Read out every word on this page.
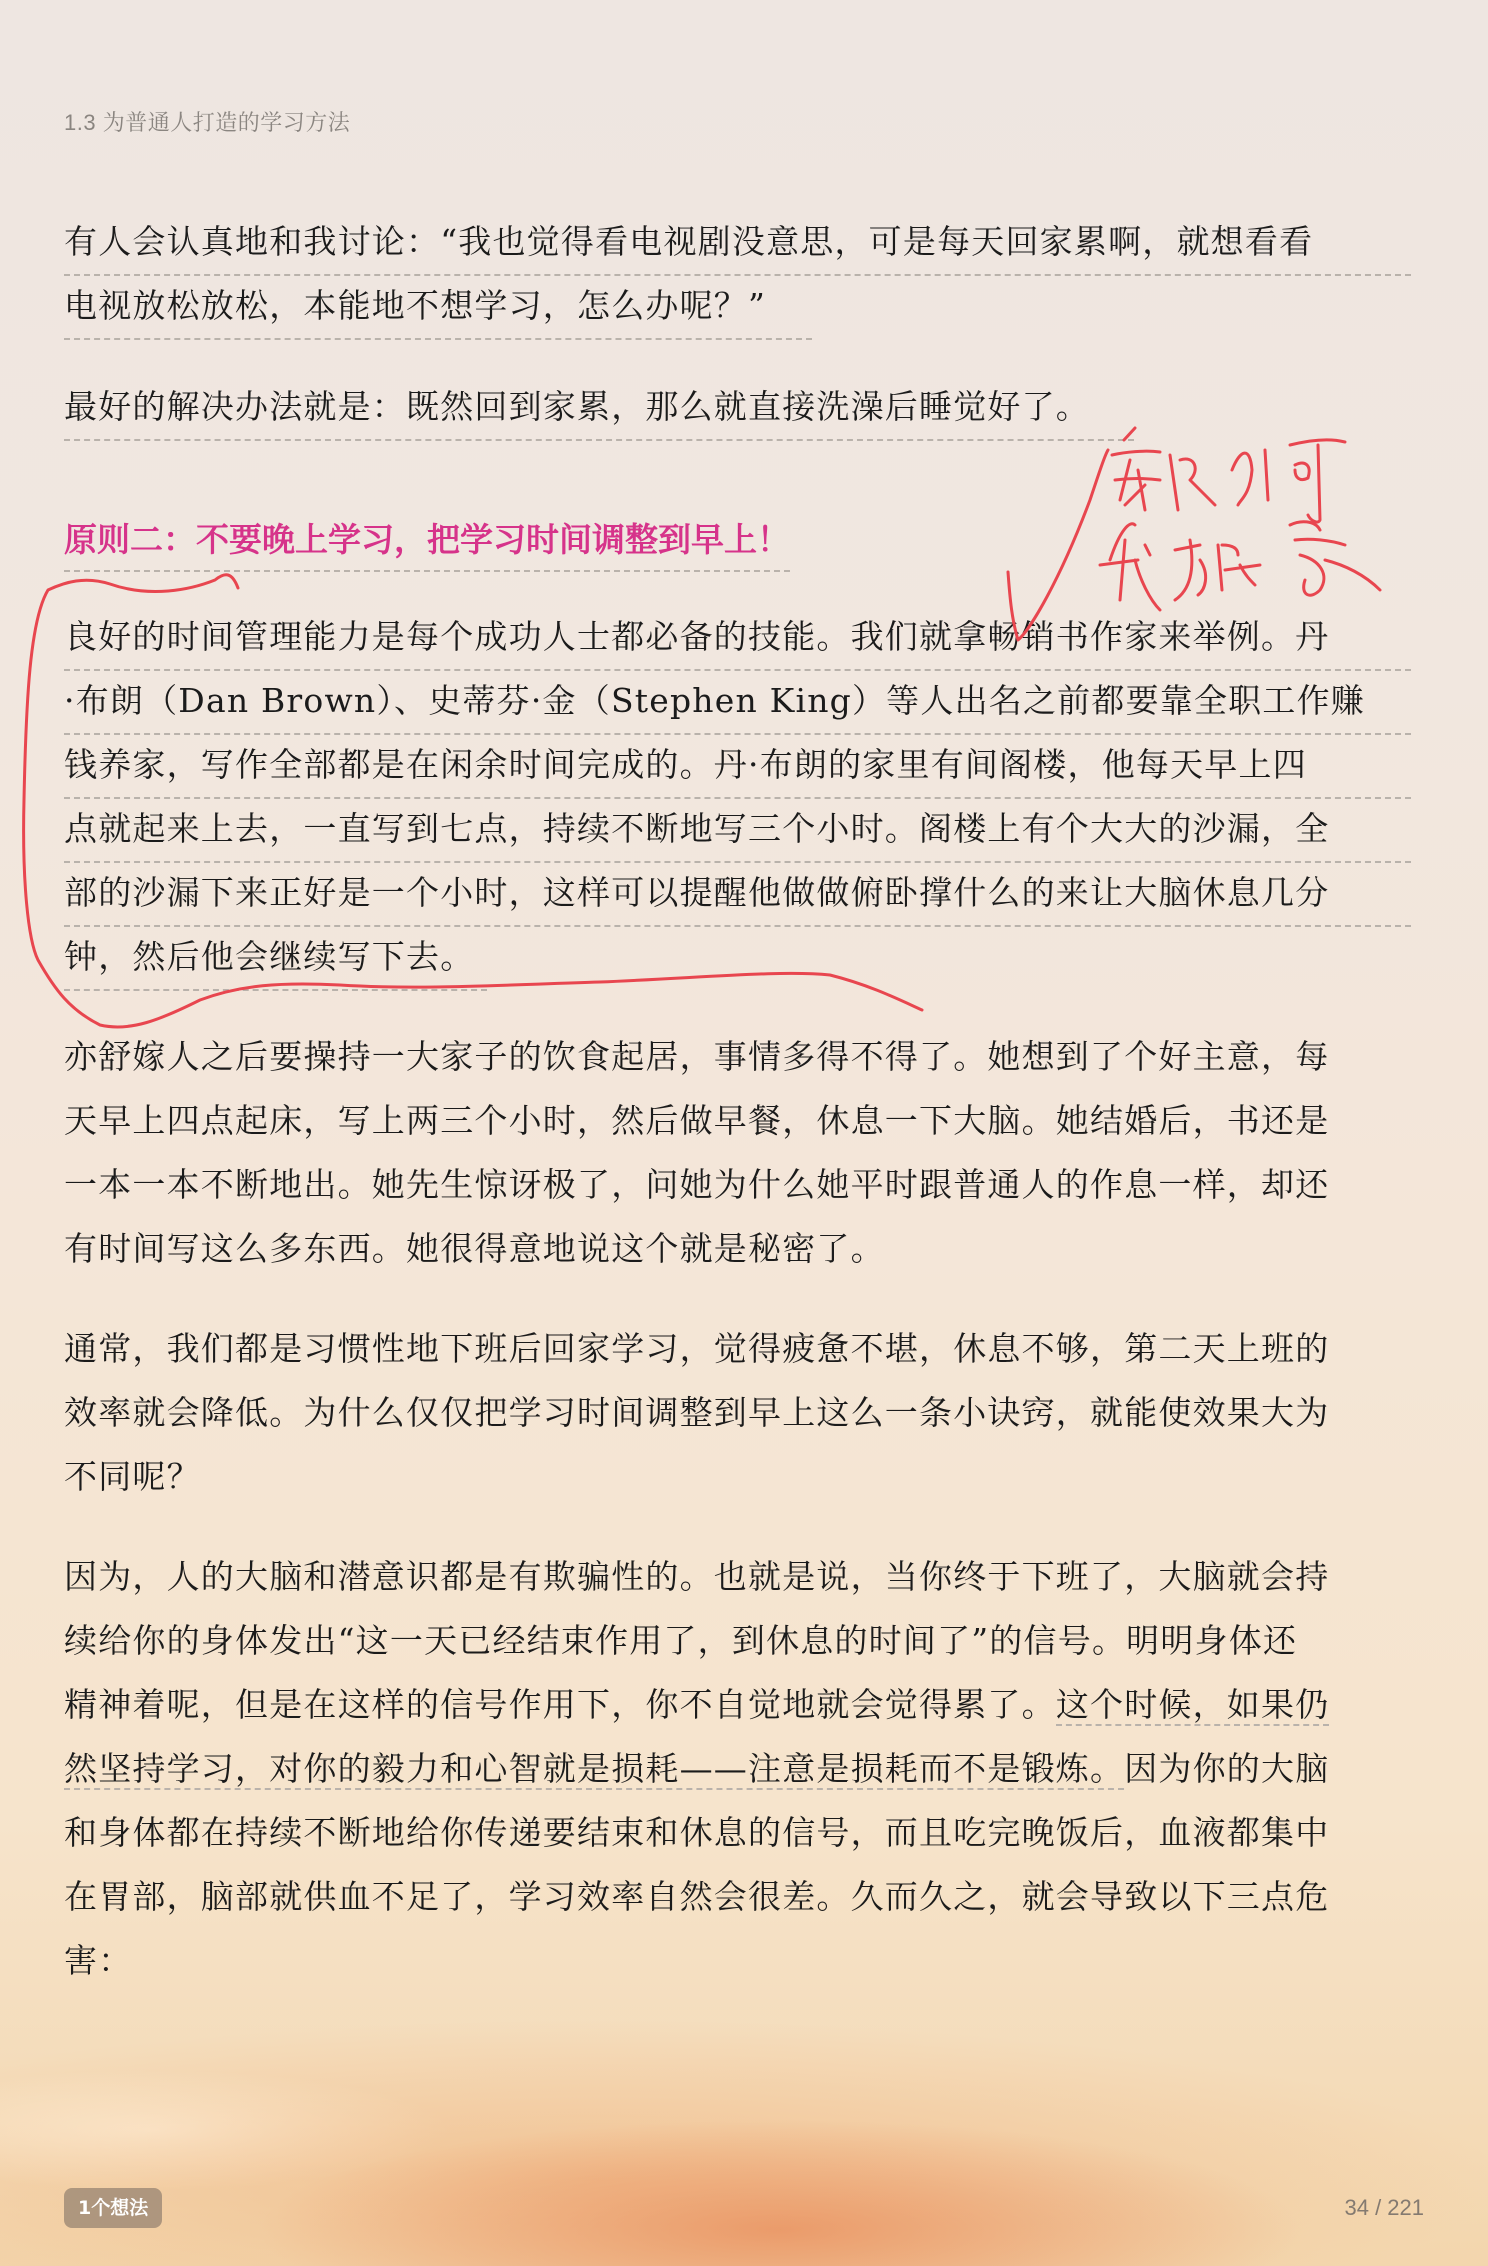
1.3 为普通人打造的学习方法
有人会认真地和我讨论：“我也觉得看电视剧没意思，可是每天回家累啊，就想看看
电视放松放松，本能地不想学习，怎么办呢？”
最好的解决办法就是：既然回到家累，那么就直接洗澡后睡觉好了。
原则二：不要晚上学习，把学习时间调整到早上！
良好的时间管理能力是每个成功人士都必备的技能。我们就拿畅销书作家来举例。丹
·布朗（Dan Brown）、史蒂芬·金（Stephen King）等人出名之前都要靠全职工作赚
钱养家，写作全部都是在闲余时间完成的。丹·布朗的家里有间阁楼，他每天早上四
点就起来上去，一直写到七点，持续不断地写三个小时。阁楼上有个大大的沙漏，全
部的沙漏下来正好是一个小时，这样可以提醒他做做俯卧撑什么的来让大脑休息几分
钟，然后他会继续写下去。
亦舒嫁人之后要操持一大家子的饮食起居，事情多得不得了。她想到了个好主意，每
天早上四点起床，写上两三个小时，然后做早餐，休息一下大脑。她结婚后，书还是
一本一本不断地出。她先生惊讶极了，问她为什么她平时跟普通人的作息一样，却还
有时间写这么多东西。她很得意地说这个就是秘密了。
通常，我们都是习惯性地下班后回家学习，觉得疲惫不堪，休息不够，第二天上班的
效率就会降低。为什么仅仅把学习时间调整到早上这么一条小诀窍，就能使效果大为
不同呢？
因为，人的大脑和潜意识都是有欺骗性的。也就是说，当你终于下班了，大脑就会持
续给你的身体发出“这一天已经结束作用了，到休息的时间了”的信号。明明身体还
精神着呢，但是在这样的信号作用下，你不自觉地就会觉得累了。这个时候，如果仍
然坚持学习，对你的毅力和心智就是损耗——注意是损耗而不是锻炼。因为你的大脑
和身体都在持续不断地给你传递要结束和休息的信号，而且吃完晚饭后，血液都集中
在胃部，脑部就供血不足了，学习效率自然会很差。久而久之，就会导致以下三点危
害：
1个想法	34 / 221
